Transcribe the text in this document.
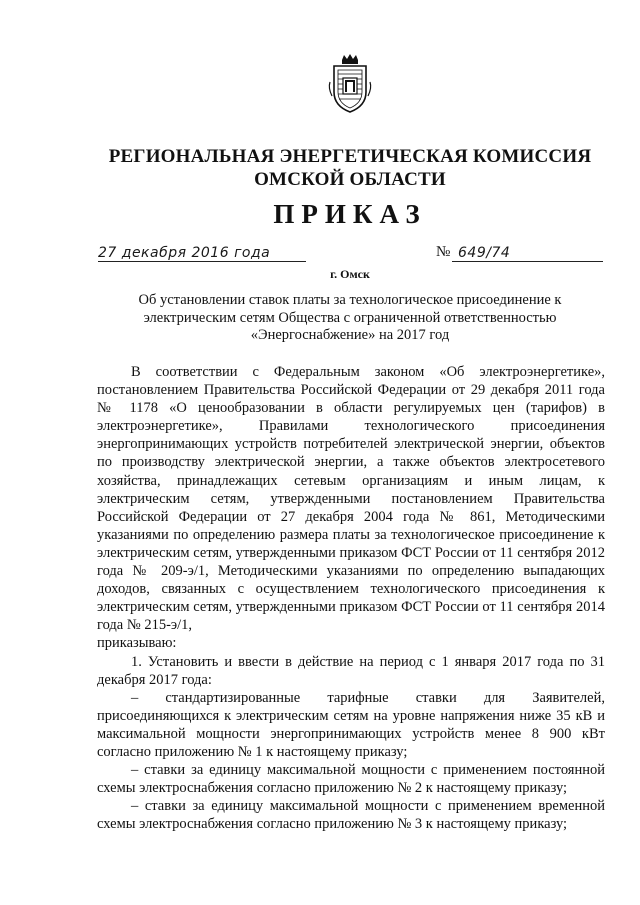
РЕГИОНАЛЬНАЯ ЭНЕРГЕТИЧЕСКАЯ КОМИССИЯ
ОМСКОЙ ОБЛАСТИ
ПРИКАЗ
27 декабря 2016 года	№ 649/74
г. Омск
Об установлении ставок платы за технологическое присоединение к электрическим сетям Общества с ограниченной ответственностью «Энергоснабжение» на 2017 год

В соответствии с Федеральным законом «Об электроэнергетике», постановлением Правительства Российской Федерации от 29 декабря 2011 года № 1178 «О ценообразовании в области регулируемых цен (тарифов) в электроэнергетике», Правилами технологического присоединения энергопринимающих устройств потребителей электрической энергии, объектов по производству электрической энергии, а также объектов электросетевого хозяйства, принадлежащих сетевым организациям и иным лицам, к электрическим сетям, утвержденными постановлением Правительства Российской Федерации от 27 декабря 2004 года № 861, Методическими указаниями по определению размера платы за технологическое присоединение к электрическим сетям, утвержденными приказом ФСТ России от 11 сентября 2012 года № 209-э/1, Методическими указаниями по определению выпадающих доходов, связанных с осуществлением технологического присоединения к электрическим сетям, утвержденными приказом ФСТ России от 11 сентября 2014 года № 215-э/1,

приказываю:

1. Установить и ввести в действие на период с 1 января 2017 года по 31 декабря 2017 года:

– стандартизированные тарифные ставки для Заявителей, присоединяющихся к электрическим сетям на уровне напряжения ниже 35 кВ и максимальной мощности энергопринимающих устройств менее 8 900 кВт согласно приложению № 1 к настоящему приказу;

– ставки за единицу максимальной мощности с применением постоянной схемы электроснабжения согласно приложению № 2 к настоящему приказу;

– ставки за единицу максимальной мощности с применением временной схемы электроснабжения согласно приложению № 3 к настоящему приказу;
